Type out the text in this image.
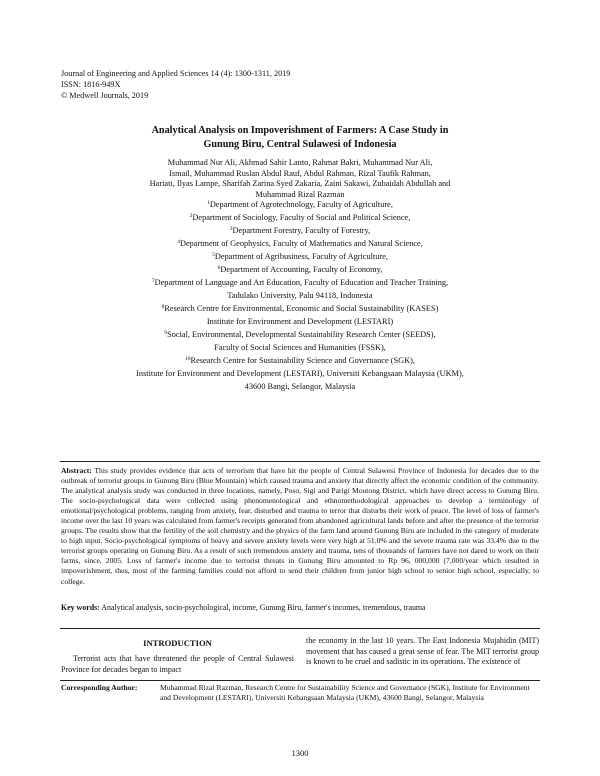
Journal of Engineering and Applied Sciences 14 (4): 1300-1311, 2019
ISSN: 1816-949X
© Medwell Journals, 2019
Analytical Analysis on Impoverishment of Farmers: A Case Study in
Gunung Biru, Central Sulawesi of Indonesia
Muhammad Nur Ali, Akhmad Sahir Lanto, Rahmat Bakri, Muhammad Nur Ali,
Ismail, Muhammad Ruslan Abdul Rauf, Abdul Rahman, Rizal Taufik Rahman,
Hariati, Ilyas Lampe, Sharifah Zarina Syed Zakaria, Zaini Sakawi, Zubaidah Abdullah and
Muhammad Rizal Razman
$^1$Department of Agrotechnology, Faculty of Agriculture,
$^2$Department of Sociology, Faculty of Social and Political Science,
$^3$Department Forestry, Faculty of Forestry,
$^4$Department of Geophysics, Faculty of Mathematics and Natural Science,
$^5$Department of Agribusiness, Faculty of Agriculture,
$^6$Department of Accounting, Faculty of Economy,
$^7$Department of Language and Art Education, Faculty of Education and Teacher Training,
Tadulako University, Palu 94118, Indonesia
$^8$Research Centre for Environmental, Economic and Social Sustainability (KASES)
Institute for Environment and Development (LESTARI)
$^9$Social, Environmental, Developmental Sustainability Research Center (SEEDS),
Faculty of Social Sciences and Humanities (FSSK),
$^{10}$Research Centre for Sustainability Science and Governance (SGK),
Institute for Environment and Development (LESTARI), Universiti Kebangsaan Malaysia (UKM),
43600 Bangi, Selangor, Malaysia
Abstract: This study provides evidence that acts of terrorism that have hit the people of Central Sulawesi Province of Indonesia for decades due to the outbreak of terrorist groups in Gunung Biru (Blue Mountain) which caused trauma and anxiety that directly affect the economic condition of the community. The analytical analysis study was conducted in three locations, namely, Poso, Sigi and Parigi Moutong District, which have direct access to Gunung Biru. The socio-psychological data were collected using phenomenological and ethnomethodological approaches to develop a terminology of emotional/psychological problems, ranging from anxiety, fear, disturbed and trauma to terror that disturbs their work of peace. The level of loss of farmer's income over the last 10 years was calculated from farmer's receipts generated from abandoned agricultural lands before and after the presence of the terrorist groups. The results show that the fertility of the soil chemistry and the physics of the farm land around Gunung Biru are included in the category of moderate to high input. Socio-psychological symptoms of heavy and severe anxiety levels were very high at 51.0% and the severe trauma rate was 33.4% due to the terrorist groups operating on Gunung Biru. As a result of such tremendous anxiety and trauma, tens of thousands of farmers have not dared to work on their farms, since, 2005. Loss of farmer's income due to terrorist threats in Gunung Biru amounted to Rp 96, 000,000 (7,000/year which resulted in impoverishment, thus, most of the farming families could not afford to send their children from junior high school to senior high school, especially, to college.
Key words: Analytical analysis, socio-psychological, income, Gunung Biru, farmer's incomes, tremendous, trauma
INTRODUCTION
Terrorist acts that have threatened the people of Central Sulawesi Province for decades began to impact
the economy in the last 10 years. The East Indonesia Mujahidin (MIT) movement that has caused a great sense of fear. The MIT terrorist group is known to be cruel and sadistic in its operations. The existence of
Corresponding Author:	Muhammad Rizal Razman, Research Centre for Sustainability Science and Governance (SGK), Institute for Environment and Development (LESTARI), Universiti Kebangsaan Malaysia (UKM), 43600 Bangi, Selangor, Malaysia
1300
